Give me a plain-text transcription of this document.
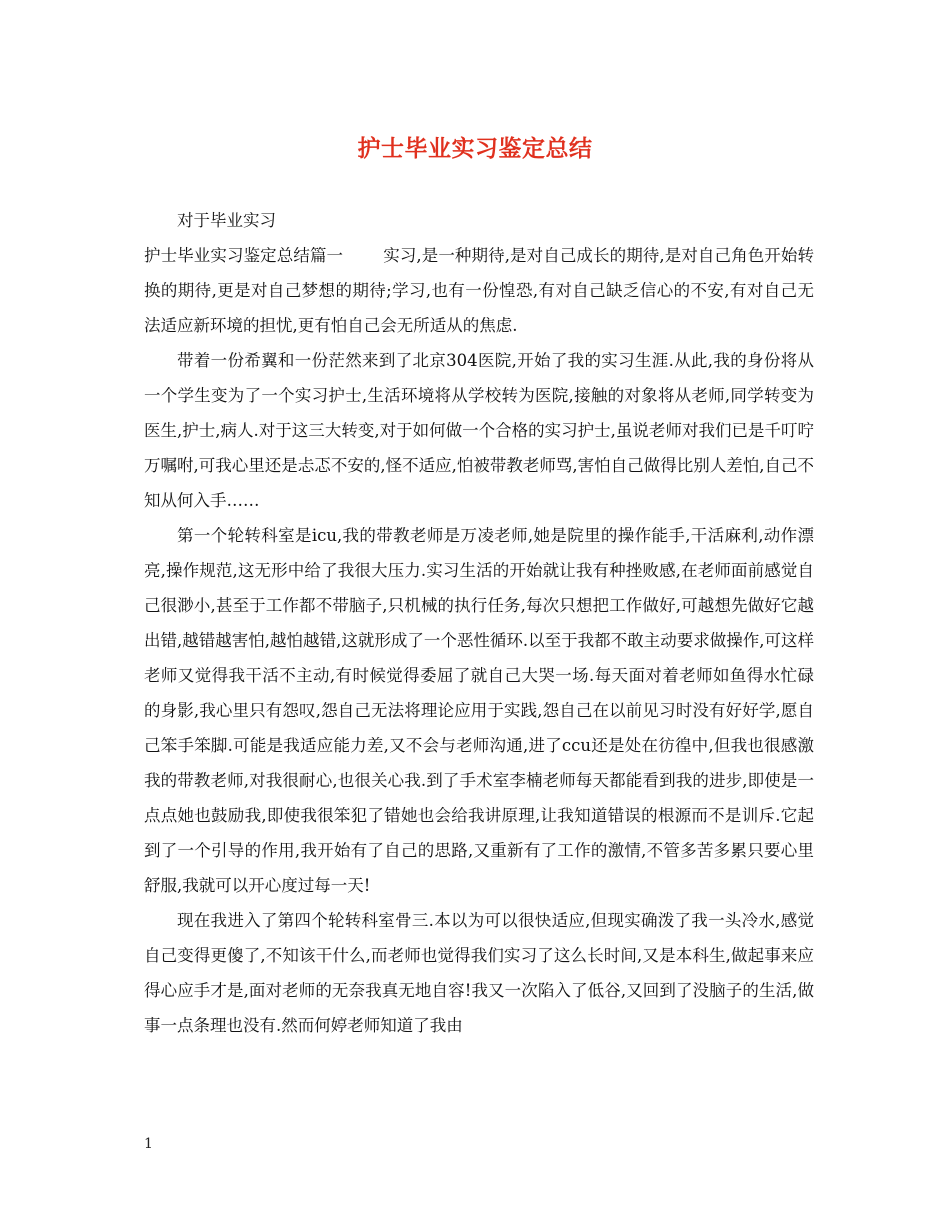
护士毕业实习鉴定总结

对于毕业实习

护士毕业实习鉴定总结篇一 实习,是一种期待,是对自己成长的期待,是对自己角色开始转换的期待,更是对自己梦想的期待;学习,也有一份惶恐,有对自己缺乏信心的不安,有对自己无法适应新环境的担忧,更有怕自己会无所适从的焦虑.

带着一份希翼和一份茫然来到了北京304医院,开始了我的实习生涯.从此,我的身份将从一个学生变为了一个实习护士,生活环境将从学校转为医院,接触的对象将从老师,同学转变为医生,护士,病人.对于这三大转变,对于如何做一个合格的实习护士,虽说老师对我们已是千叮咛万嘱咐,可我心里还是忐忑不安的,怪不适应,怕被带教老师骂,害怕自己做得比别人差怕,自己不知从何入手……

第一个轮转科室是icu,我的带教老师是万凌老师,她是院里的操作能手,干活麻利,动作漂亮,操作规范,这无形中给了我很大压力.实习生活的开始就让我有种挫败感,在老师面前感觉自己很渺小,甚至于工作都不带脑子,只机械的执行任务,每次只想把工作做好,可越想先做好它越出错,越错越害怕,越怕越错,这就形成了一个恶性循环.以至于我都不敢主动要求做操作,可这样老师又觉得我干活不主动,有时候觉得委屈了就自己大哭一场.每天面对着老师如鱼得水忙碌的身影,我心里只有怨叹,怨自己无法将理论应用于实践,怨自己在以前见习时没有好好学,愿自己笨手笨脚.可能是我适应能力差,又不会与老师沟通,进了ccu还是处在彷徨中,但我也很感激我的带教老师,对我很耐心,也很关心我.到了手术室李楠老师每天都能看到我的进步,即使是一点点她也鼓励我,即使我很笨犯了错她也会给我讲原理,让我知道错误的根源而不是训斥.它起到了一个引导的作用,我开始有了自己的思路,又重新有了工作的激情,不管多苦多累只要心里舒服,我就可以开心度过每一天!

现在我进入了第四个轮转科室骨三.本以为可以很快适应,但现实确泼了我一头冷水,感觉自己变得更傻了,不知该干什么,而老师也觉得我们实习了这么长时间,又是本科生,做起事来应得心应手才是,面对老师的无奈我真无地自容!我又一次陷入了低谷,又回到了没脑子的生活,做事一点条理也没有.然而何婷老师知道了我由

1
